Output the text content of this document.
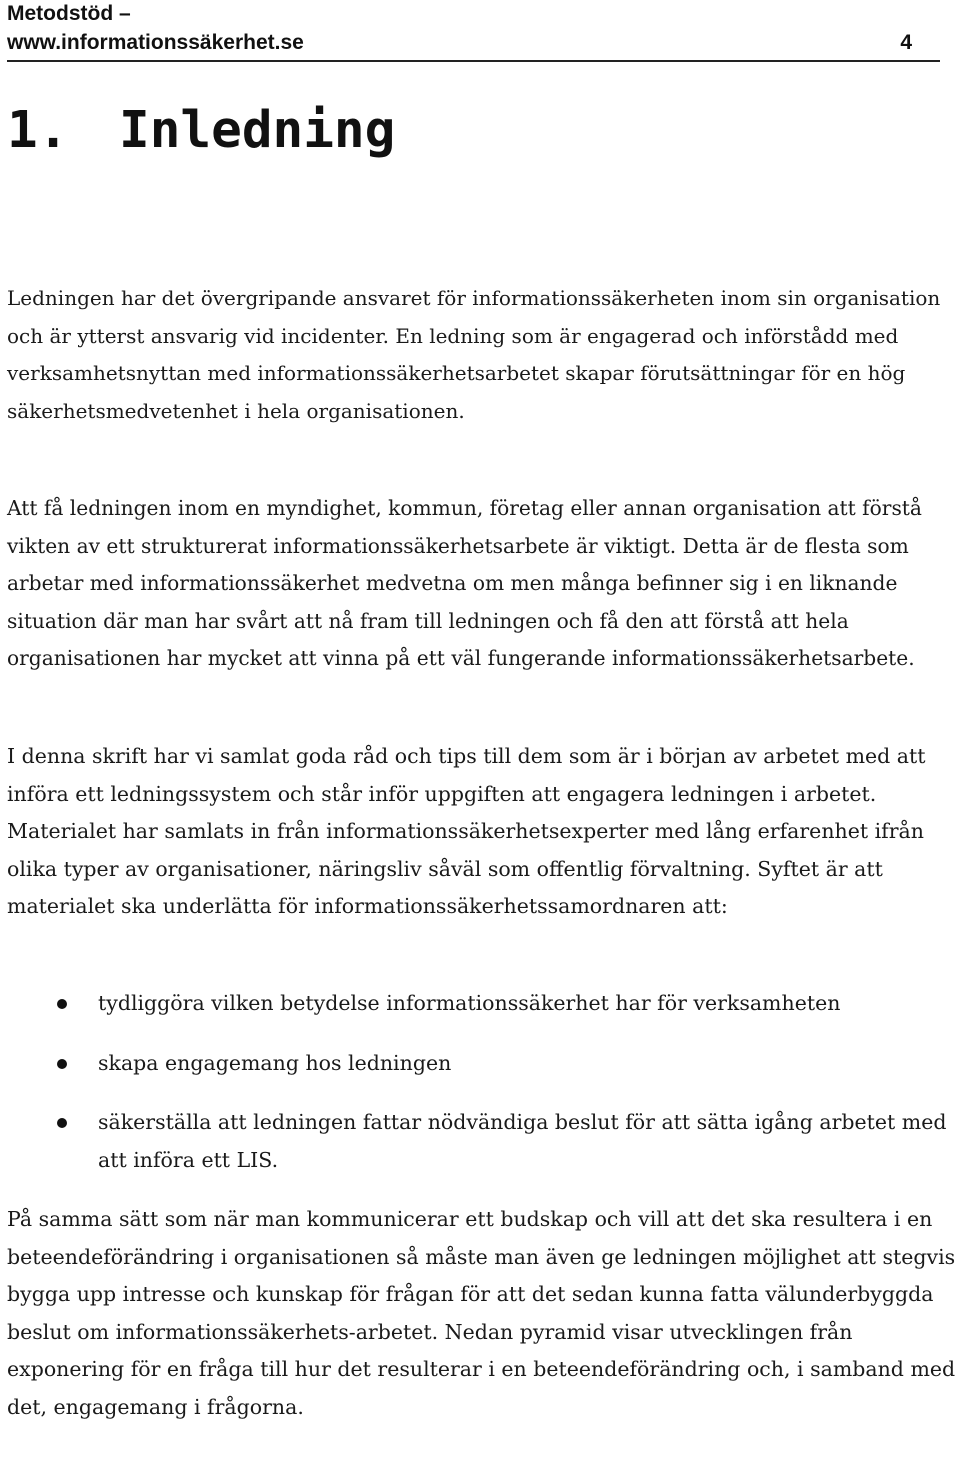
Metodstöd –
www.informationssäkerhet.se	4
1. Inledning

Ledningen har det övergripande ansvaret för informationssäkerheten inom sin organisation och är ytterst ansvarig vid incidenter. En ledning som är engagerad och införstådd med verksamhetsnyttan med informationssäkerhetsarbetet skapar förutsättningar för en hög säkerhetsmedvetenhet i hela organisationen.

Att få ledningen inom en myndighet, kommun, företag eller annan organisation att förstå vikten av ett strukturerat informationssäkerhetsarbete är viktigt. Detta är de flesta som arbetar med informationssäkerhet medvetna om men många befinner sig i en liknande situation där man har svårt att nå fram till ledningen och få den att förstå att hela organisationen har mycket att vinna på ett väl fungerande informationssäkerhetsarbete.

I denna skrift har vi samlat goda råd och tips till dem som är i början av arbetet med att införa ett ledningssystem och står inför uppgiften att engagera ledningen i arbetet. Materialet har samlats in från informationssäkerhetsexperter med lång erfarenhet ifrån olika typer av organisationer, näringsliv såväl som offentlig förvaltning. Syftet är att materialet ska underlätta för informationssäkerhetssamordnaren att:

tydliggöra vilken betydelse informationssäkerhet har för verksamheten
skapa engagemang hos ledningen
säkerställa att ledningen fattar nödvändiga beslut för att sätta igång arbetet med att införa ett LIS.

På samma sätt som när man kommunicerar ett budskap och vill att det ska resultera i en beteendeförändring i organisationen så måste man även ge ledningen möjlighet att stegvis bygga upp intresse och kunskap för frågan för att det sedan kunna fatta välunderbyggda beslut om informationssäkerhets-arbetet. Nedan pyramid visar utvecklingen från exponering för en fråga till hur det resulterar i en beteendeförändring och, i samband med det, engagemang i frågorna.
